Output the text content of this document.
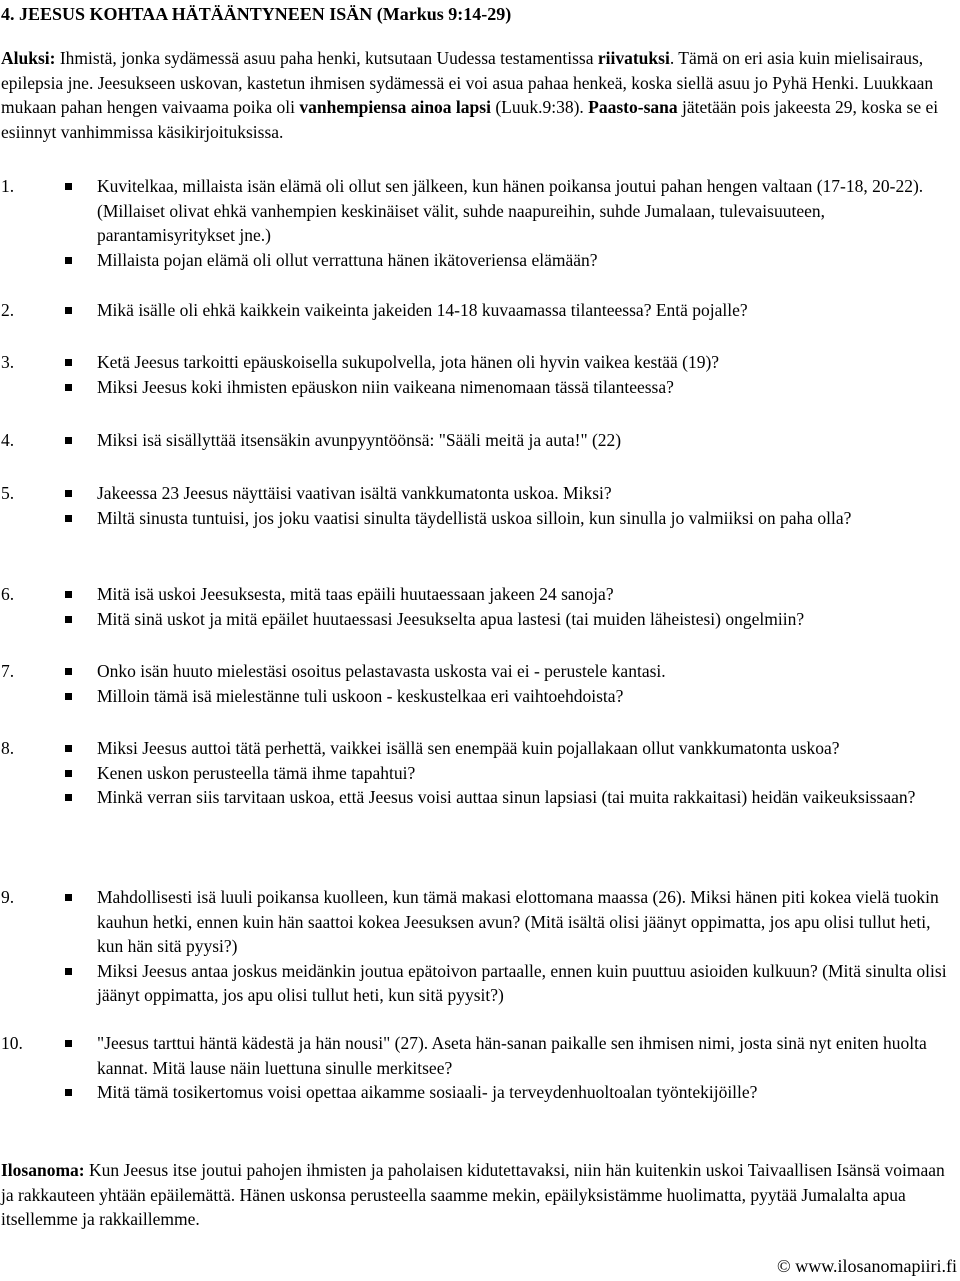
4. JEESUS KOHTAA HÄTÄÄNTYNEEN ISÄN (Markus 9:14-29)
Aluksi: Ihmistä, jonka sydämessä asuu paha henki, kutsutaan Uudessa testamentissa riivatuksi. Tämä on eri asia kuin mielisairaus, epilepsia jne. Jeesukseen uskovan, kastetun ihmisen sydämessä ei voi asua pahaa henkeä, koska siellä asuu jo Pyhä Henki. Luukkaan mukaan pahan hengen vaivaama poika oli vanhempiensa ainoa lapsi (Luuk.9:38). Paasto-sana jätetään pois jakeesta 29, koska se ei esiinnyt vanhimmissa käsikirjoituksissa.
1.	Kuvitelkaa, millaista isän elämä oli ollut sen jälkeen, kun hänen poikansa joutui pahan hengen valtaan (17-18, 20-22). (Millaiset olivat ehkä vanhempien keskinäiset välit, suhde naapureihin, suhde Jumalaan, tulevaisuuteen, parantamisyritykset jne.)
Millaista pojan elämä oli ollut verrattuna hänen ikätoveriensa elämään?
2.	Mikä isälle oli ehkä kaikkein vaikeinta jakeiden 14-18 kuvaamassa tilanteessa? Entä pojalle?
3.	Ketä Jeesus tarkoitti epäuskoisella sukupolvella, jota hänen oli hyvin vaikea kestää (19)?
Miksi Jeesus koki ihmisten epäuskon niin vaikeana nimenomaan tässä tilanteessa?
4.	Miksi isä sisällyttää itsensäkin avunpyyntöönsä: "Sääli meitä ja auta!" (22)
5.	Jakeessa 23 Jeesus näyttäisi vaativan isältä vankkumatonta uskoa. Miksi?
Miltä sinusta tuntuisi, jos joku vaatisi sinulta täydellistä uskoa silloin, kun sinulla jo valmiiksi on paha olla?
6.	Mitä isä uskoi Jeesuksesta, mitä taas epäili huutaessaan jakeen 24 sanoja?
Mitä sinä uskot ja mitä epäilet huutaessasi Jeesukselta apua lastesi (tai muiden läheistesi) ongelmiin?
7.	Onko isän huuto mielestäsi osoitus pelastavasta uskosta vai ei - perustele kantasi.
Milloin tämä isä mielestänne tuli uskoon - keskustelkaa eri vaihtoehdoista?
8.	Miksi Jeesus auttoi tätä perhettä, vaikkei isällä sen enempää kuin pojallakaan ollut vankkumatonta uskoa?
Kenen uskon perusteella tämä ihme tapahtui?
Minkä verran siis tarvitaan uskoa, että Jeesus voisi auttaa sinun lapsiasi (tai muita rakkaitasi) heidän vaikeuksissaan?
9.	Mahdollisesti isä luuli poikansa kuolleen, kun tämä makasi elottomana maassa (26). Miksi hänen piti kokea vielä tuokin kauhun hetki, ennen kuin hän saattoi kokea Jeesuksen avun? (Mitä isältä olisi jäänyt oppimatta, jos apu olisi tullut heti, kun hän sitä pyysi?)
Miksi Jeesus antaa joskus meidänkin joutua epätoivon partaalle, ennen kuin puuttuu asioiden kulkuun? (Mitä sinulta olisi jäänyt oppimatta, jos apu olisi tullut heti, kun sitä pyysit?)
10.	"Jeesus tarttui häntä kädestä ja hän nousi" (27). Aseta hän-sanan paikalle sen ihmisen nimi, josta sinä nyt eniten huolta kannat. Mitä lause näin luettuna sinulle merkitsee?
Mitä tämä tosikertomus voisi opettaa aikamme sosiaali- ja terveydenhuoltoalan työntekijöille?
Ilosanoma: Kun Jeesus itse joutui pahojen ihmisten ja paholaisen kidutettavaksi, niin hän kuitenkin uskoi Taivaallisen Isänsä voimaan ja rakkauteen yhtään epäilemättä. Hänen uskonsa perusteella saamme mekin, epäilyksistämme huolimatta, pyytää Jumalalta apua itsellemme ja rakkaillemme.
© www.ilosanomapiiri.fi
